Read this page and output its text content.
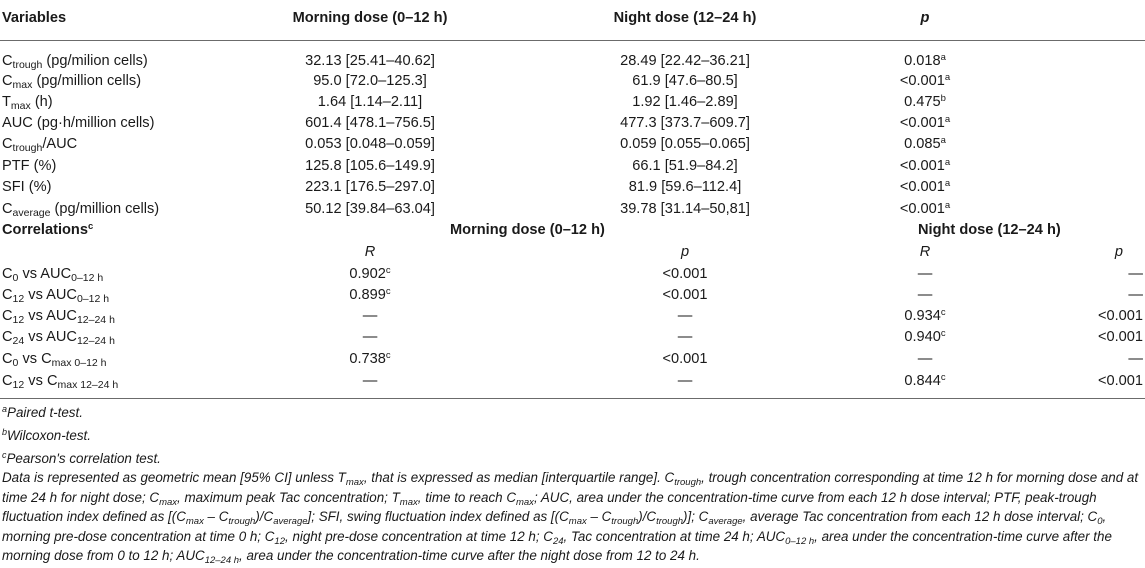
Variables	Morning dose (0–12 h)	Night dose (12–24 h)	p
$C_{trough}$ (pg/milion cells)	32.13 [25.41–40.62]	28.49 [22.42–36.21]	0.018$^a$
$C_{max}$ (pg/million cells)	95.0 [72.0–125.3]	61.9 [47.6–80.5]	<0.001$^a$
$T_{max}$ (h)	1.64 [1.14–2.11]	1.92 [1.46–2.89]	0.475$^b$
AUC (pg·h/million cells)	601.4 [478.1–756.5]	477.3 [373.7–609.7]	<0.001$^a$
$C_{trough}$/AUC	0.053 [0.048–0.059]	0.059 [0.055–0.065]	0.085$^a$
PTF (%)	125.8 [105.6–149.9]	66.1 [51.9–84.2]	<0.001$^a$
SFI (%)	223.1 [176.5–297.0]	81.9 [59.6–112.4]	<0.001$^a$
$C_{average}$ (pg/million cells)	50.12 [39.84–63.04]	39.78 [31.14–50,81]	<0.001$^a$
Correlations$^c$	Morning dose (0–12 h)	Night dose (12–24 h)
R	p	R	p
$C_0$ vs $AUC_{0-12 h}$	0.902$^c$	<0.001	—	—
$C_{12}$ vs $AUC_{0-12 h}$	0.899$^c$	<0.001	—	—
$C_{12}$ vs $AUC_{12-24 h}$	—	—	0.934$^c$	<0.001
$C_{24}$ vs $AUC_{12-24 h}$	—	—	0.940$^c$	<0.001
$C_0$ vs $C_{max 0-12 h}$	0.738$^c$	<0.001	—	—
$C_{12}$ vs $C_{max 12-24 h}$	—	—	0.844$^c$	<0.001
$^a$Paired t-test.
$^b$Wilcoxon-test.
$^c$Pearson's correlation test.
Data is represented as geometric mean [95% CI] unless $T_{max}$, that is expressed as median [interquartile range]. $C_{trough}$, trough concentration corresponding at time 12 h for morning dose and at time 24 h for night dose; $C_{max}$, maximum peak Tac concentration; $T_{max}$, time to reach $C_{max}$; AUC, area under the concentration-time curve from each 12 h dose interval; PTF, peak-trough fluctuation index defined as $[(C_{max} - C_{trough})/C_{average}]$; SFI, swing fluctuation index defined as $[(C_{max} - C_{trough})/C_{trough})$]; $C_{average}$, average Tac concentration from each 12 h dose interval; $C_0$, morning pre-dose concentration at time 0 h; $C_{12}$, night pre-dose concentration at time 12 h; $C_{24}$, Tac concentration at time 24 h; $AUC_{0-12 h}$, area under the concentration-time curve after the morning dose from 0 to 12 h; $AUC_{12-24 h}$, area under the concentration-time curve after the night dose from 12 to 24 h.
